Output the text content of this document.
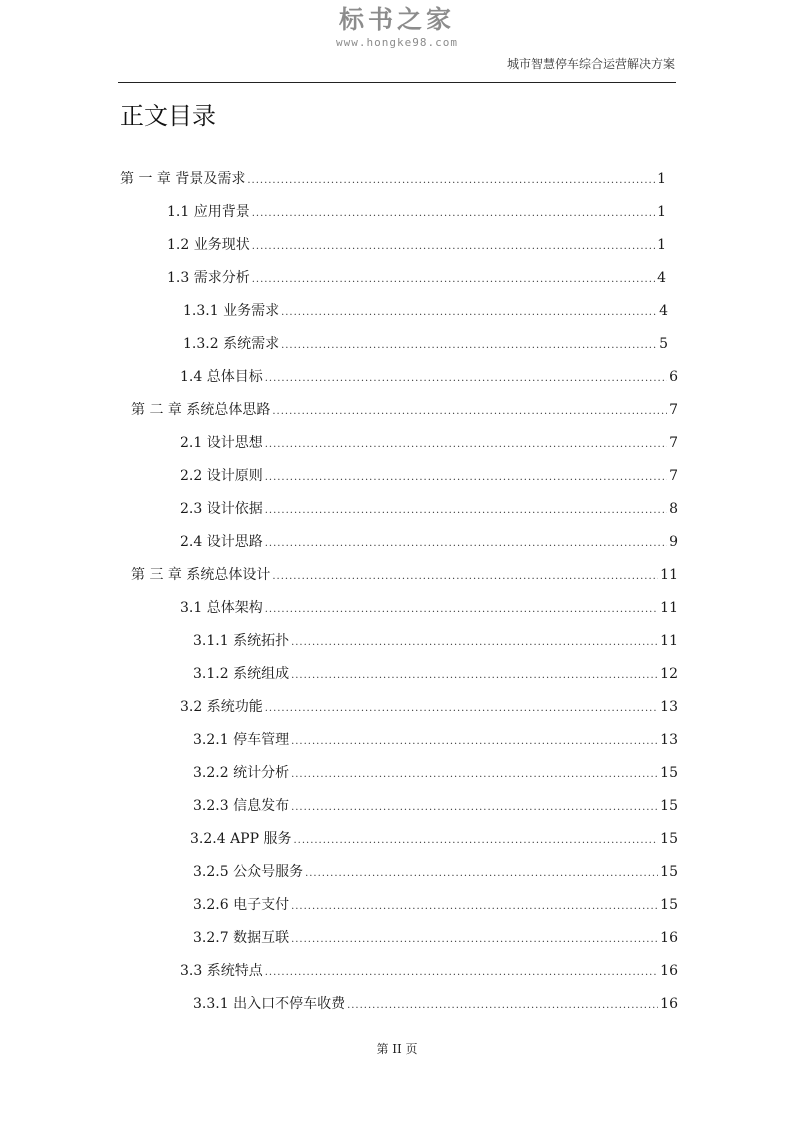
标书之家
www.hongke98.com
城市智慧停车综合运营解决方案
正文目录
第 一 章 背景及需求 .....	1
1.1 应用背景 .....	1
1.2 业务现状 .....	1
1.3 需求分析 .....	4
1.3.1 业务需求 .....	4
1.3.2 系统需求 .....	5
1.4 总体目标 .....	6
第 二 章 系统总体思路 .....	7
2.1 设计思想 .....	7
2.2 设计原则 .....	7
2.3 设计依据 .....	8
2.4 设计思路 .....	9
第 三 章 系统总体设计 .....	11
3.1 总体架构 .....	11
3.1.1 系统拓扑 .....	11
3.1.2 系统组成 .....	12
3.2 系统功能 .....	13
3.2.1 停车管理 .....	13
3.2.2 统计分析 .....	15
3.2.3 信息发布 .....	15
3.2.4 APP 服务 .....	15
3.2.5 公众号服务 .....	15
3.2.6 电子支付 .....	15
3.2.7 数据互联 .....	16
3.3 系统特点 .....	16
3.3.1 出入口不停车收费 .....	16
第 II 页
